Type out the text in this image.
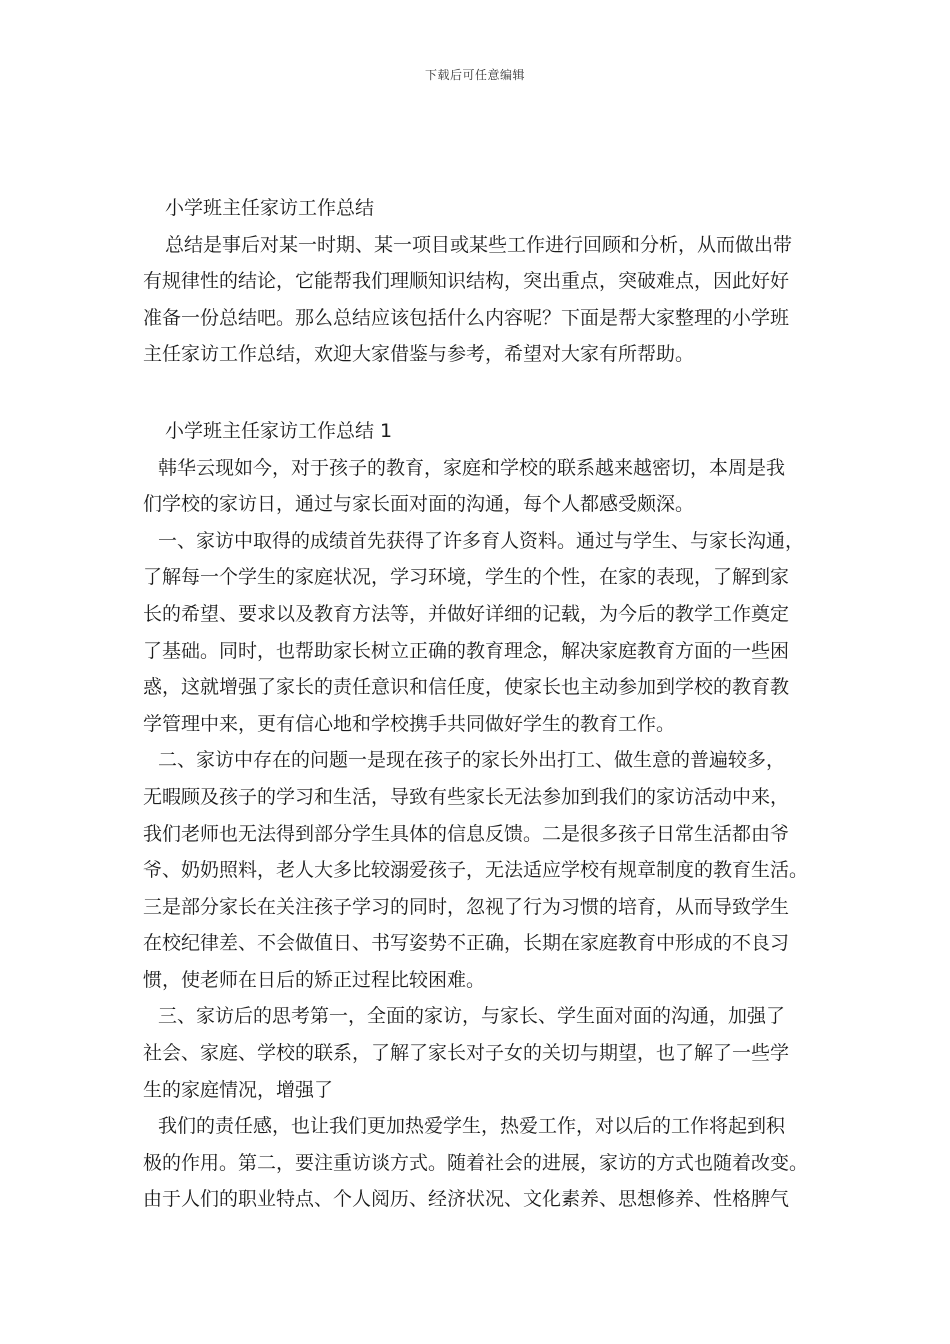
下载后可任意编辑
小学班主任家访工作总结
总结是事后对某一时期、某一项目或某些工作进行回顾和分析，从而做出带
有规律性的结论，它能帮我们理顺知识结构，突出重点，突破难点，因此好好
准备一份总结吧。那么总结应该包括什么内容呢？下面是帮大家整理的小学班
主任家访工作总结，欢迎大家借鉴与参考，希望对大家有所帮助。
小学班主任家访工作总结 1
韩华云现如今，对于孩子的教育，家庭和学校的联系越来越密切，本周是我
们学校的家访日，通过与家长面对面的沟通，每个人都感受颇深。
一、家访中取得的成绩首先获得了许多育人资料。通过与学生、与家长沟通，
了解每一个学生的家庭状况，学习环境，学生的个性，在家的表现，了解到家
长的希望、要求以及教育方法等，并做好详细的记载，为今后的教学工作奠定
了基础。同时，也帮助家长树立正确的教育理念，解决家庭教育方面的一些困
惑，这就增强了家长的责任意识和信任度，使家长也主动参加到学校的教育教
学管理中来，更有信心地和学校携手共同做好学生的教育工作。
二、家访中存在的问题一是现在孩子的家长外出打工、做生意的普遍较多，
无暇顾及孩子的学习和生活，导致有些家长无法参加到我们的家访活动中来，
我们老师也无法得到部分学生具体的信息反馈。二是很多孩子日常生活都由爷
爷、奶奶照料，老人大多比较溺爱孩子，无法适应学校有规章制度的教育生活。
三是部分家长在关注孩子学习的同时，忽视了行为习惯的培育，从而导致学生
在校纪律差、不会做值日、书写姿势不正确，长期在家庭教育中形成的不良习
惯，使老师在日后的矫正过程比较困难。
三、家访后的思考第一，全面的家访，与家长、学生面对面的沟通，加强了
社会、家庭、学校的联系，了解了家长对子女的关切与期望，也了解了一些学
生的家庭情况，增强了
我们的责任感，也让我们更加热爱学生，热爱工作，对以后的工作将起到积
极的作用。第二，要注重访谈方式。随着社会的进展，家访的方式也随着改变。
由于人们的职业特点、个人阅历、经济状况、文化素养、思想修养、性格脾气
